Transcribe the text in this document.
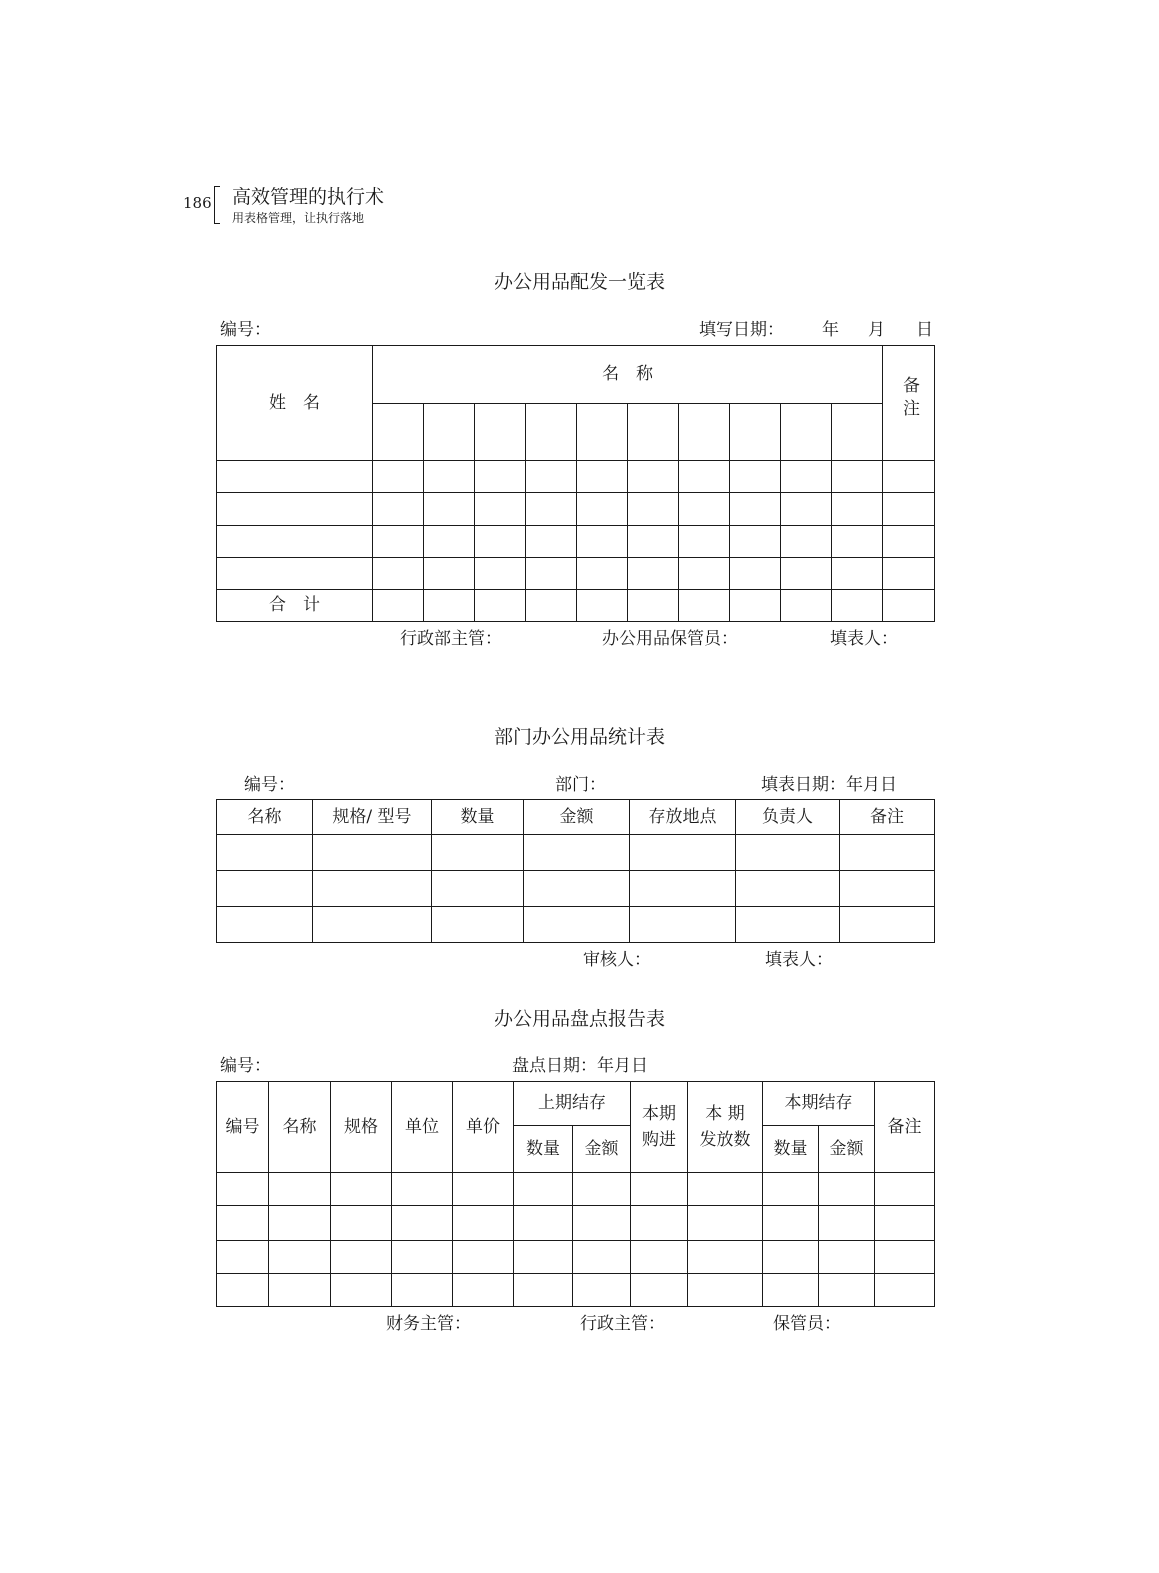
186 高效管理的执行术
用表格管理，让执行落地
办公用品配发一览表
编号：	填写日期： 年 月 日
姓　名	名　称										备注

合　计											
行政部主管：	办公用品保管员：	填表人：
部门办公用品统计表
编号：	部门：	填表日期：年月日
名称	规格/ 型号	数量	金额	存放地点	负责人	备注

审核人：	填表人：
办公用品盘点报告表
编号：	盘点日期：年月日
编号	名称	规格	单位	单价	上期结存		本期购进	本 期 发放数	本期结存		备注
					数量	金额			数量	金额	

财务主管：	行政主管：	保管员：
